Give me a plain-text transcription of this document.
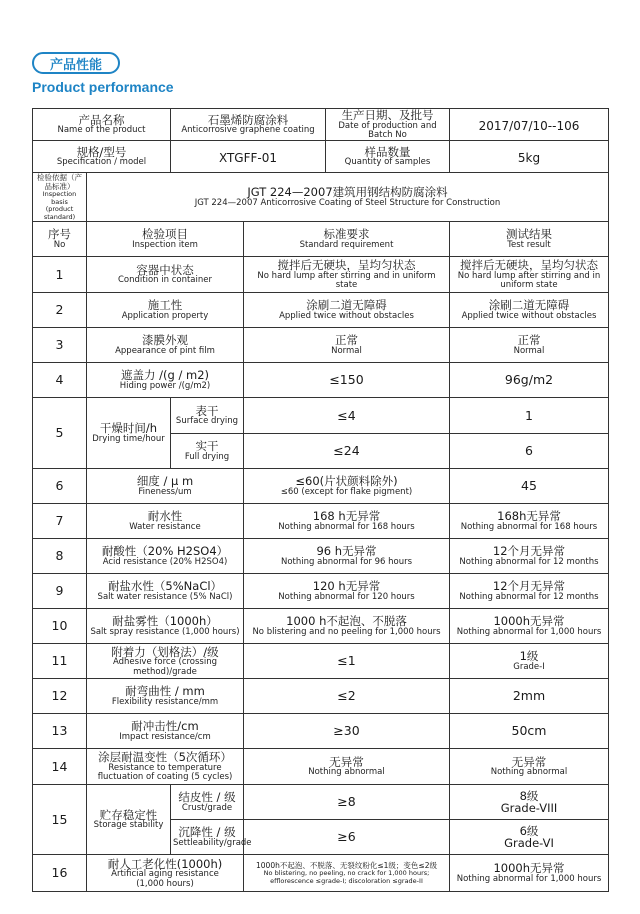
产品性能
Product performance
产品名称
Name of the product		石墨烯防腐涂料
Anticorrosive graphene coating		生产日期、及批号
Date of production and
Batch No	2017/07/10--106

规格/型号
Specification / model		XTGFF-01		样品数量
Quantity of samples	5kg

检验依据（产品标准）
Inspection basis
(product standard)	JGT 224—2007建筑用钢结构防腐涂料
JGT 224—2007 Anticorrosive Coating of Steel Structure for Construction				

序号
No	检验项目
Inspection item		标准要求
Standard requirement		测试结果
Test result

1	容器中状态
Condition in container		搅拌后无硬块，呈均匀状态
No hard lump after stirring and in uniform state		搅拌后无硬块，呈均匀状态
No hard lump after stirring and in
uniform state

2	施工性
Application property		涂刷二道无障碍
Applied twice without obstacles		涂刷二道无障碍
Applied twice without obstacles

3	漆膜外观
Appearance of pint film		正常
Normal		正常
Normal

4	遮盖力 /(g / m2)
Hiding power /(g/m2)		≤150		96g/m2

5	干燥时间/h
Drying time/hour	表干
Surface drying	≤4		1

		实干
Full drying	≤24		6

6	细度 / μ m
Fineness/um		≤60(片状颜料除外)
≤60 (except for flake pigment)		45

7	耐水性
Water resistance		168 h无异常
Nothing abnormal for 168 hours		168h无异常
Nothing abnormal for 168 hours

8	耐酸性（20% H2SO4）
Acid resistance (20% H2SO4)		96 h无异常
Nothing abnormal for 96 hours		12个月无异常
Nothing abnormal for 12 months

9	耐盐水性（5%NaCl）
Salt water resistance (5% NaCl)		120 h无异常
Nothing abnormal for 120 hours		12个月无异常
Nothing abnormal for 12 months

10	耐盐雾性（1000h）
Salt spray resistance (1,000 hours)		1000 h不起泡、不脱落
No blistering and no peeling for 1,000 hours		1000h无异常
Nothing abnormal for 1,000 hours

11	附着力（划格法）/级
Adhesive force (crossing method)/grade		≤1		1级
Grade-I

12	耐弯曲性 / mm
Flexibility resistance/mm		≤2		2mm

13	耐冲击性/cm
Impact resistance/cm		≥30		50cm

14	涂层耐温变性（5次循环）
Resistance to temperature
fluctuation of coating (5 cycles)		无异常
Nothing abnormal		无异常
Nothing abnormal

15	贮存稳定性
Storage stability	结皮性 / 级
Crust/grade	≥8		8级
Grade-VIII

		沉降性 / 级
Settleability/grade	≥6		6级
Grade-VI

16	耐人工老化性(1000h)
Artificial aging resistance
(1,000 hours)		1000h不起泡、不脱落、无裂纹粉化≤1级；变色≤2级
No blistering, no peeling, no crack for 1,000 hours;
efflorescence ≤grade-I; discoloration ≤grade-II		1000h无异常
Nothing abnormal for 1,000 hours
